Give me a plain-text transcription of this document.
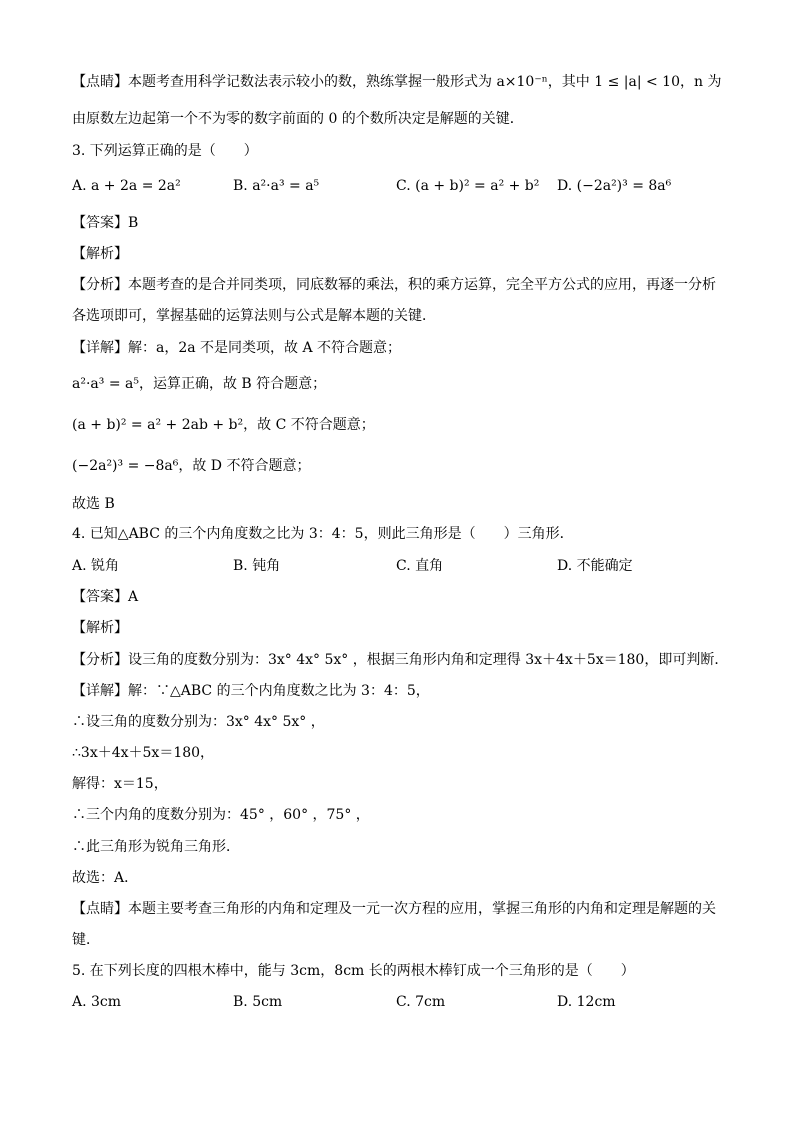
【点睛】本题考查用科学记数法表示较小的数，熟练掌握一般形式为 a×10⁻ⁿ，其中 1 ≤ |a| < 10，n 为
由原数左边起第一个不为零的数字前面的 0 的个数所决定是解题的关键．
3. 下列运算正确的是（　　）
A. a + 2a = 2a²	B. a²·a³ = a⁵	C. (a + b)² = a² + b² D. (−2a²)³ = 8a⁶
【答案】B
【解析】
【分析】本题考查的是合并同类项，同底数幂的乘法，积的乘方运算，完全平方公式的应用，再逐一分析
各选项即可，掌握基础的运算法则与公式是解本题的关键．
【详解】解：a，2a 不是同类项，故 A 不符合题意；
a²·a³ = a⁵，运算正确，故 B 符合题意；
(a + b)² = a² + 2ab + b²，故 C 不符合题意；
(−2a²)³ = −8a⁶，故 D 不符合题意；
故选 B
4. 已知△ABC 的三个内角度数之比为 3：4：5，则此三角形是（　　）三角形．
A. 锐角	B. 钝角	C. 直角	D. 不能确定
【答案】A
【解析】
【分析】设三角的度数分别为：3x° 4x° 5x° ，根据三角形内角和定理得 3x＋4x＋5x＝180，即可判断．
【详解】解：∵△ABC 的三个内角度数之比为 3：4：5，
∴设三角的度数分别为：3x° 4x° 5x° ，
∴3x＋4x＋5x＝180，
解得：x＝15，
∴三个内角的度数分别为：45° ，60° ，75° ，
∴此三角形为锐角三角形．
故选：A．
【点睛】本题主要考查三角形的内角和定理及一元一次方程的应用，掌握三角形的内角和定理是解题的关
键．
5. 在下列长度的四根木棒中，能与 3cm，8cm 长的两根木棒钉成一个三角形的是（　　）
A. 3cm	B. 5cm	C. 7cm	D. 12cm
